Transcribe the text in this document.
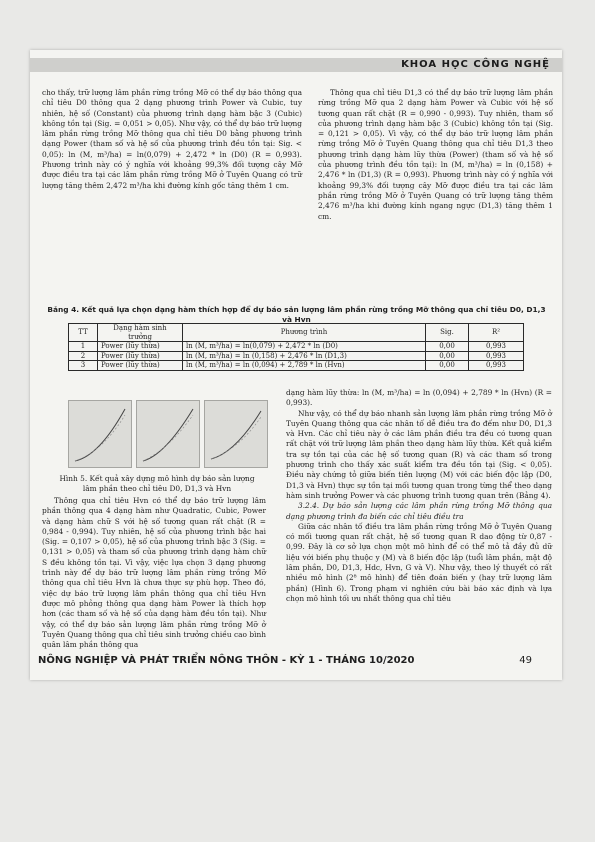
KHOA HỌC CÔNG NGHỆ

cho thấy, trữ lượng lâm phần rừng trồng Mỡ có thể dự báo thông qua chỉ tiêu D0 thông qua 2 dạng phương trình Power và Cubic, tuy nhiên, hệ số (Constant) của phương trình dạng hàm bậc 3 (Cubic) không tồn tại (Sig. = 0,051 > 0,05). Như vậy, có thể dự báo trữ lượng lâm phần rừng trồng Mỡ thông qua chỉ tiêu D0 bằng phương trình dạng Power (tham số và hệ số của phương trình đều tồn tại: Sig. < 0,05): ln (M, m³/ha) = ln(0,079) + 2,472 * ln (D0) (R = 0,993). Phương trình này có ý nghĩa với khoảng 99,3% đối tượng cây Mỡ được điều tra tại các lâm phần rừng trồng Mỡ ở Tuyên Quang có trữ lượng tăng thêm 2,472 m³/ha khi đường kính gốc tăng thêm 1 cm.

Thông qua chỉ tiêu D1,3 có thể dự báo trữ lượng lâm phần rừng trồng Mỡ qua 2 dạng hàm Power và Cubic với hệ số tương quan rất chặt (R = 0,990 - 0,993). Tuy nhiên, tham số của phương trình dạng hàm bậc 3 (Cubic) không tồn tại (Sig. = 0,121 > 0,05). Vì vậy, có thể dự báo trữ lượng lâm phần rừng trồng Mỡ ở Tuyên Quang thông qua chỉ tiêu D1,3 theo phương trình dạng hàm lũy thừa (Power) (tham số và hệ số của phương trình đều tồn tại): ln (M, m³/ha) = ln (0,158) + 2,476 * ln (D1,3) (R = 0,993). Phương trình này có ý nghĩa với khoảng 99,3% đối tượng cây Mỡ được điều tra tại các lâm phần rừng trồng Mỡ ở Tuyên Quang có trữ lượng tăng thêm 2,476 m³/ha khi đường kính ngang ngực (D1,3) tăng thêm 1 cm.

Bảng 4. Kết quả lựa chọn dạng hàm thích hợp để dự báo sản lượng lâm phần rừng trồng Mỡ thông qua chỉ tiêu D0, D1,3 và Hvn
TT	Dạng hàm sinh trưởng	Phương trình	Sig.	R²
1	Power (lũy thừa)	ln (M, m³/ha) = ln(0,079) + 2,472 * ln (D0)	0,00	0,993
2	Power (lũy thừa)	ln (M, m³/ha) = ln (0,158) + 2,476 * ln (D1,3)	0,00	0,993
3	Power (lũy thừa)	ln (M, m³/ha) = ln (0,094) + 2,789 * ln (Hvn)	0,00	0,993
Hình 5. Kết quả xây dựng mô hình dự báo sản lượng lâm phần theo chỉ tiêu D0, D1,3 và Hvn

Thông qua chỉ tiêu Hvn có thể dự báo trữ lượng lâm phần thông qua 4 dạng hàm như Quadratic, Cubic, Power và dạng hàm chữ S với hệ số tương quan rất chặt (R = 0,984 - 0,994). Tuy nhiên, hệ số của phương trình bậc hai (Sig. = 0,107 > 0,05), hệ số của phương trình bậc 3 (Sig. = 0,131 > 0,05) và tham số của phương trình dạng hàm chữ S đều không tồn tại. Vì vậy, việc lựa chọn 3 dạng phương trình này để dự báo trữ lượng lâm phần rừng trồng Mỡ thông qua chỉ tiêu Hvn là chưa thực sự phù hợp. Theo đó, việc dự báo trữ lượng lâm phần thông qua chỉ tiêu Hvn được mô phỏng thông qua dạng hàm Power là thích hợp hơn (các tham số và hệ số của dạng hàm đều tồn tại). Như vậy, có thể dự báo sản lượng lâm phần rừng trồng Mỡ ở Tuyên Quang thông qua chỉ tiêu sinh trưởng chiều cao bình quân lâm phần thông qua

dạng hàm lũy thừa: ln (M, m³/ha) = ln (0,094) + 2,789 * ln (Hvn) (R = 0,993).

Như vậy, có thể dự báo nhanh sản lượng lâm phần rừng trồng Mỡ ở Tuyên Quang thông qua các nhân tố dễ điều tra đo đếm như D0, D1,3 và Hvn. Các chỉ tiêu này ở các lâm phần điều tra đều có tương quan rất chặt với trữ lượng lâm phần theo dạng hàm lũy thừa. Kết quả kiểm tra sự tồn tại của các hệ số tương quan (R) và các tham số trong phương trình cho thấy xác suất kiểm tra đều tồn tại (Sig. < 0,05). Điều này chứng tỏ giữa biến tiên lượng (M) với các biến độc lập (D0, D1,3 và Hvn) thực sự tồn tại mối tương quan trong từng thể theo dạng hàm sinh trưởng Power và các phương trình tương quan trên (Bảng 4).

3.2.4. Dự báo sản lượng các lâm phần rừng trồng Mỡ thông qua dạng phương trình đa biến các chỉ tiêu điều tra

Giữa các nhân tố điều tra lâm phần rừng trồng Mỡ ở Tuyên Quang có mối tương quan rất chặt, hệ số tương quan R dao động từ 0,87 - 0,99. Đây là cơ sở lựa chọn một mô hình để có thể mô tả đầy đủ dữ liệu với biến phụ thuộc y (M) và 8 biến độc lập (tuổi lâm phần, mật độ lâm phần, D0, D1,3, Hdc, Hvn, G và V). Như vậy, theo lý thuyết có rất nhiều mô hình (2⁸ mô hình) để tiên đoán biến y (hay trữ lượng lâm phần) (Hình 6). Trong phạm vi nghiên cứu bài báo xác định và lựa chọn mô hình tối ưu nhất thông qua chỉ tiêu

NÔNG NGHIỆP VÀ PHÁT TRIỂN NÔNG THÔN - KỲ 1 - THÁNG 10/2020	49
